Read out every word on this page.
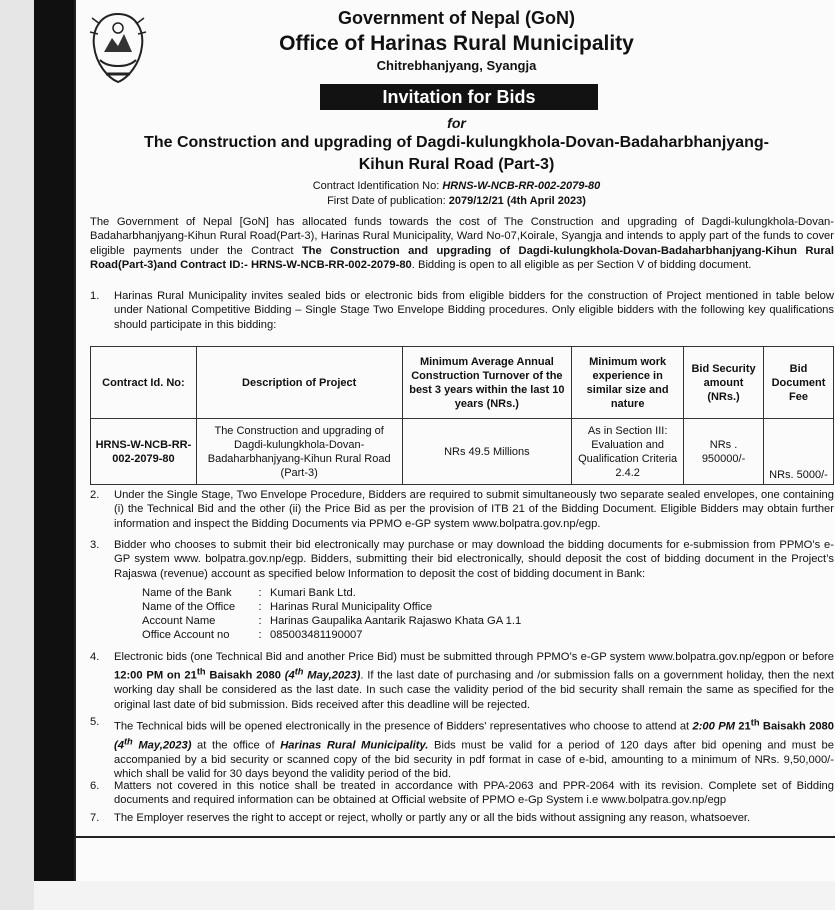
Government of Nepal (GoN)
Office of Harinas Rural Municipality
Chitrebhanjyang, Syangja
Invitation for Bids
for
The Construction and upgrading of Dagdi-kulungkhola-Dovan-Badaharbhanjyang-
Kihun Rural Road (Part-3)
Contract Identification No: HRNS-W-NCB-RR-002-2079-80
First Date of publication: 2079/12/21 (4th April 2023)
The Government of Nepal [GoN] has allocated funds towards the cost of The Construction and upgrading of Dagdi-kulungkhola-Dovan-Badaharbhanjyang-Kihun Rural Road(Part-3), Harinas Rural Municipality, Ward No-07,Koirale, Syangja and intends to apply part of the funds to cover eligible payments under the Contract The Construction and upgrading of Dagdi-kulungkhola-Dovan-Badaharbhanjyang-Kihun Rural Road(Part-3)and Contract ID:- HRNS-W-NCB-RR-002-2079-80. Bidding is open to all eligible as per Section V of bidding document.
1.	Harinas Rural Municipality invites sealed bids or electronic bids from eligible bidders for the construction of Project mentioned in table below under National Competitive Bidding – Single Stage Two Envelope Bidding procedures. Only eligible bidders with the following key qualifications should participate in this bidding:
Contract Id. No:	Description of Project	Minimum Average Annual Construction Turnover of the best 3 years within the last 10 years (NRs.)	Minimum work experience in similar size and nature	Bid Security amount (NRs.)	Bid Document Fee
HRNS-W-NCB-RR-002-2079-80	The Construction and upgrading of Dagdi-kulungkhola-Dovan-Badaharbhanjyang-Kihun Rural Road (Part-3)	NRs 49.5 Millions	As in Section III: Evaluation and Qualification Criteria 2.4.2	NRs . 950000/-	NRs. 5000/-
2.	Under the Single Stage, Two Envelope Procedure, Bidders are required to submit simultaneously two separate sealed envelopes, one containing (i) the Technical Bid and the other (ii) the Price Bid as per the provision of ITB 21 of the Bidding Document. Eligible Bidders may obtain further information and inspect the Bidding Documents via PPMO e-GP system www.bolpatra.gov.np/egp.
3.	Bidder who chooses to submit their bid electronically may purchase or may download the bidding documents for e-submission from PPMO’s e-GP system www. bolpatra.gov.np/egp. Bidders, submitting their bid electronically, should deposit the cost of bidding document in the Project’s Rajaswa (revenue) account as specified below Information to deposit the cost of bidding document in Bank:
Name of the Bank : Kumari Bank Ltd.
Name of the Office : Harinas Rural Municipality Office
Account Name	: Harinas Gaupalika Aantarik Rajaswo Khata GA 1.1
Office Account no	: 085003481190007
4.	Electronic bids (one Technical Bid and another Price Bid) must be submitted through PPMO’s e-GP system www.bolpatra.gov.np/egpon or before 12:00 PM on 21th Baisakh 2080 (4th May,2023). If the last date of purchasing and /or submission falls on a government holiday, then the next working day shall be considered as the last date. In such case the validity period of the bid security shall remain the same as specified for the original last date of bid submission. Bids received after this deadline will be rejected.
5.	The Technical bids will be opened electronically in the presence of Bidders' representatives who choose to attend at 2:00 PM 21th Baisakh 2080 (4th May,2023) at the office of Harinas Rural Municipality. Bids must be valid for a period of 120 days after bid opening and must be accompanied by a bid security or scanned copy of the bid security in pdf format in case of e-bid, amounting to a minimum of NRs. 9,50,000/- which shall be valid for 30 days beyond the validity period of the bid.
6.	Matters not covered in this notice shall be treated in accordance with PPA-2063 and PPR-2064 with its revision. Complete set of Bidding documents and required information can be obtained at Official website of PPMO e-Gp System i.e www.bolpatra.gov.np/egp
7.	The Employer reserves the right to accept or reject, wholly or partly any or all the bids without assigning any reason, whatsoever.
